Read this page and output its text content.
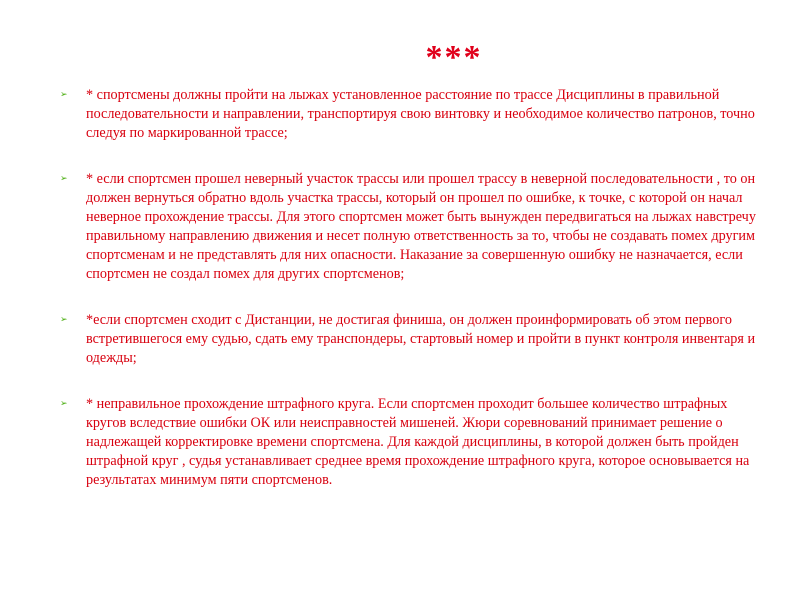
***
➢	* спортсмены должны пройти на лыжах установленное расстояние по трассе Дисциплины в правильной последовательности и направлении, транспортируя свою винтовку и необходимое количество патронов, точно следуя по маркированной трассе;
➢	* если спортсмен прошел неверный участок трассы или прошел трассу в неверной последовательности , то он должен вернуться обратно вдоль участка трассы, который он прошел по ошибке, к точке, с которой он начал неверное прохождение трассы. Для этого спортсмен может быть вынужден передвигаться на лыжах навстречу правильному направлению движения и несет полную ответственность за то, чтобы не создавать помех другим спортсменам и не представлять для них опасности. Наказание за совершенную ошибку не назначается, если спортсмен не создал помех для других спортсменов;
➢	*если спортсмен сходит с Дистанции, не достигая финиша, он должен проинформировать об этом первого встретившегося ему судью, сдать ему транспондеры, стартовый номер и пройти в пункт контроля инвентаря и одежды;
➢	* неправильное прохождение штрафного круга. Если спортсмен проходит большее количество штрафных кругов вследствие ошибки ОК или неисправностей мишеней. Жюри соревнований принимает решение о надлежащей корректировке времени спортсмена. Для каждой дисциплины, в которой должен быть пройден штрафной круг , судья устанавливает среднее время прохождение штрафного круга, которое основывается на результатах минимум пяти спортсменов.
